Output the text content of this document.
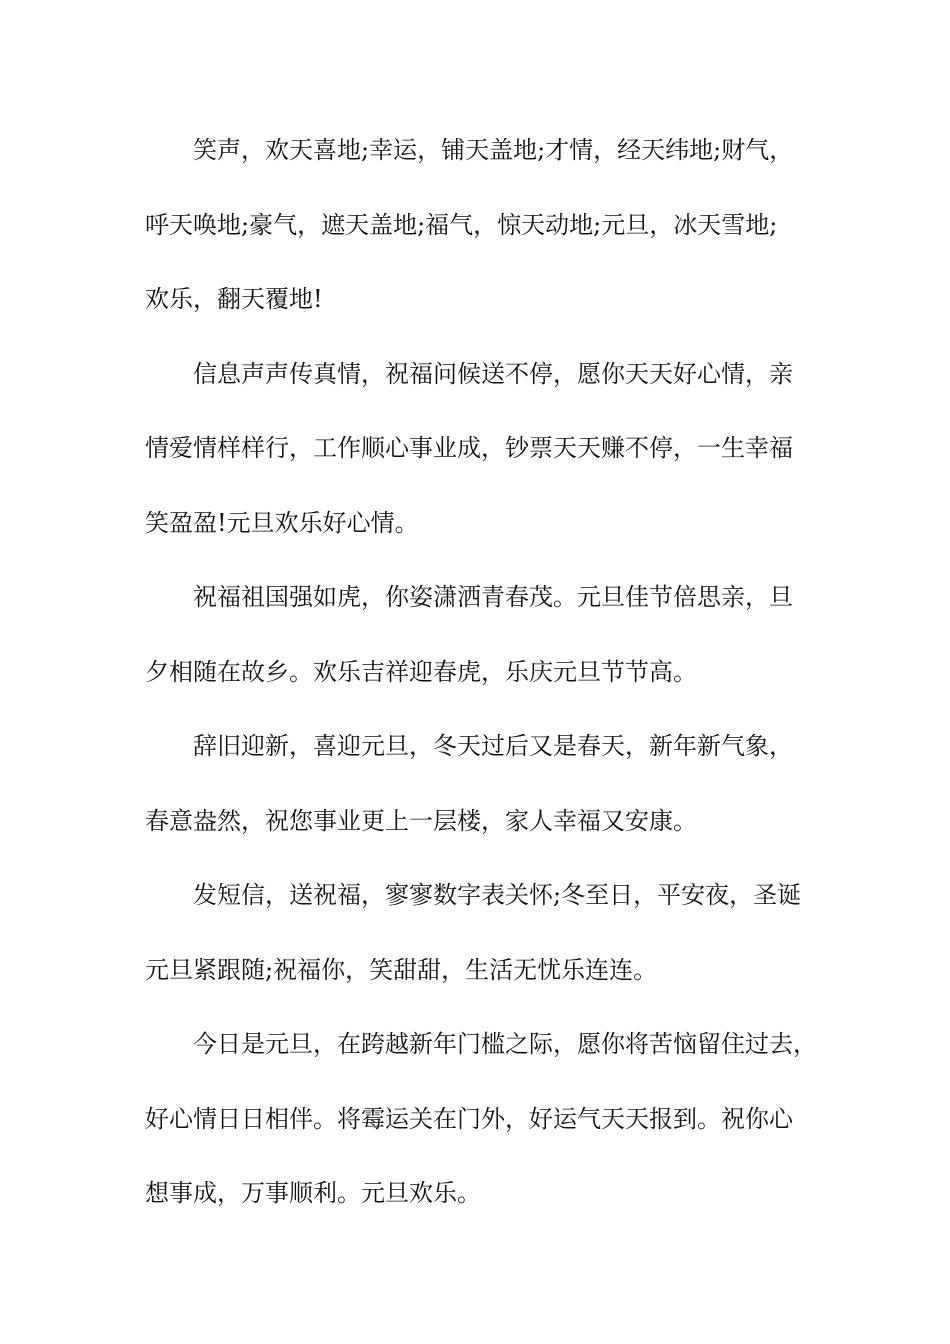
笑声，欢天喜地;幸运，铺天盖地;才情，经天纬地;财气，
呼天唤地;豪气，遮天盖地;福气，惊天动地;元旦，冰天雪地;
欢乐，翻天覆地!
信息声声传真情，祝福问候送不停，愿你天天好心情，亲
情爱情样样行，工作顺心事业成，钞票天天赚不停，一生幸福
笑盈盈!元旦欢乐好心情。
祝福祖国强如虎，你姿潇洒青春茂。元旦佳节倍思亲，旦
夕相随在故乡。欢乐吉祥迎春虎，乐庆元旦节节高。
辞旧迎新，喜迎元旦，冬天过后又是春天，新年新气象，
春意盎然，祝您事业更上一层楼，家人幸福又安康。
发短信，送祝福，寥寥数字表关怀;冬至日，平安夜，圣诞
元旦紧跟随;祝福你，笑甜甜，生活无忧乐连连。
今日是元旦，在跨越新年门槛之际，愿你将苦恼留住过去，
好心情日日相伴。将霉运关在门外，好运气天天报到。祝你心
想事成，万事顺利。元旦欢乐。
